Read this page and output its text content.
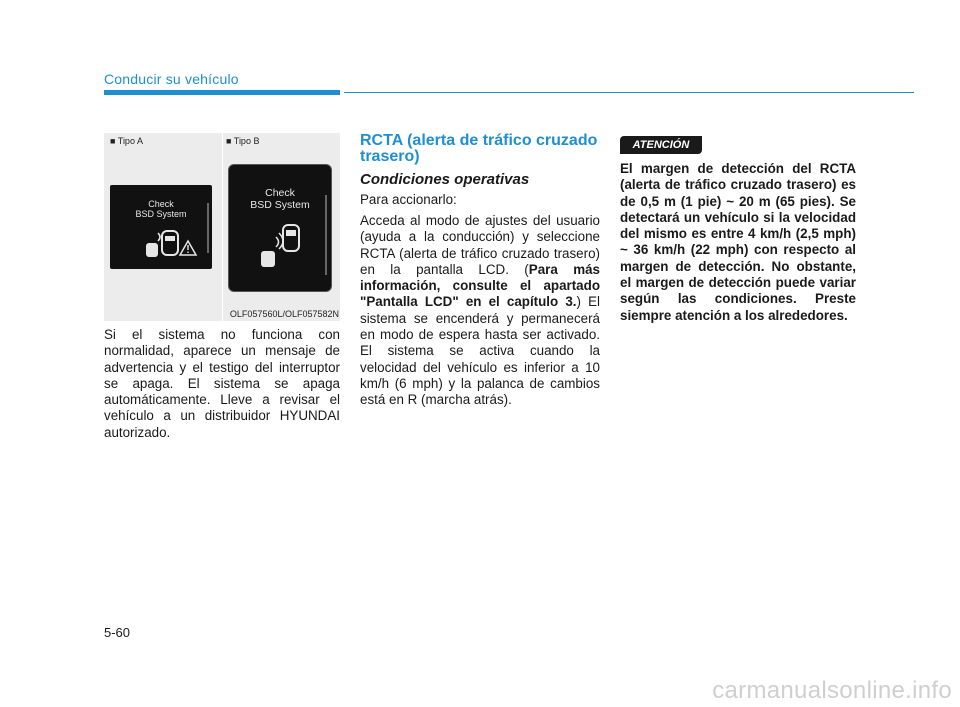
Conducir su vehículo
■ Tipo A	■ Tipo B
Check
BSD System
Check
BSD System
OLF057560L/OLF057582N

Si el sistema no funciona con normalidad, aparece un mensaje de advertencia y el testigo del interruptor se apaga. El sistema se apaga automáticamente. Lleve a revisar el vehículo a un distribuidor HYUNDAI autorizado.

RCTA (alerta de tráfico cruzado trasero)
Condiciones operativas
Para accionarlo:

Acceda al modo de ajustes del usuario (ayuda a la conducción) y seleccione RCTA (alerta de tráfico cruzado trasero) en la pantalla LCD. (Para más información, consulte el apartado "Pantalla LCD" en el capítulo 3.) El sistema se encenderá y permanecerá en modo de espera hasta ser activado. El sistema se activa cuando la velocidad del vehículo es inferior a 10 km/h (6 mph) y la palanca de cambios está en R (marcha atrás).

ATENCIÓN

El margen de detección del RCTA (alerta de tráfico cruzado trasero) es de 0,5 m (1 pie) ~ 20 m (65 pies). Se detectará un vehículo si la velocidad del mismo es entre 4 km/h (2,5 mph) ~ 36 km/h (22 mph) con respecto al margen de detección. No obstante, el margen de detección puede variar según las condiciones. Preste siempre atención a los alrededores.

5-60
carmanualsonline.info
